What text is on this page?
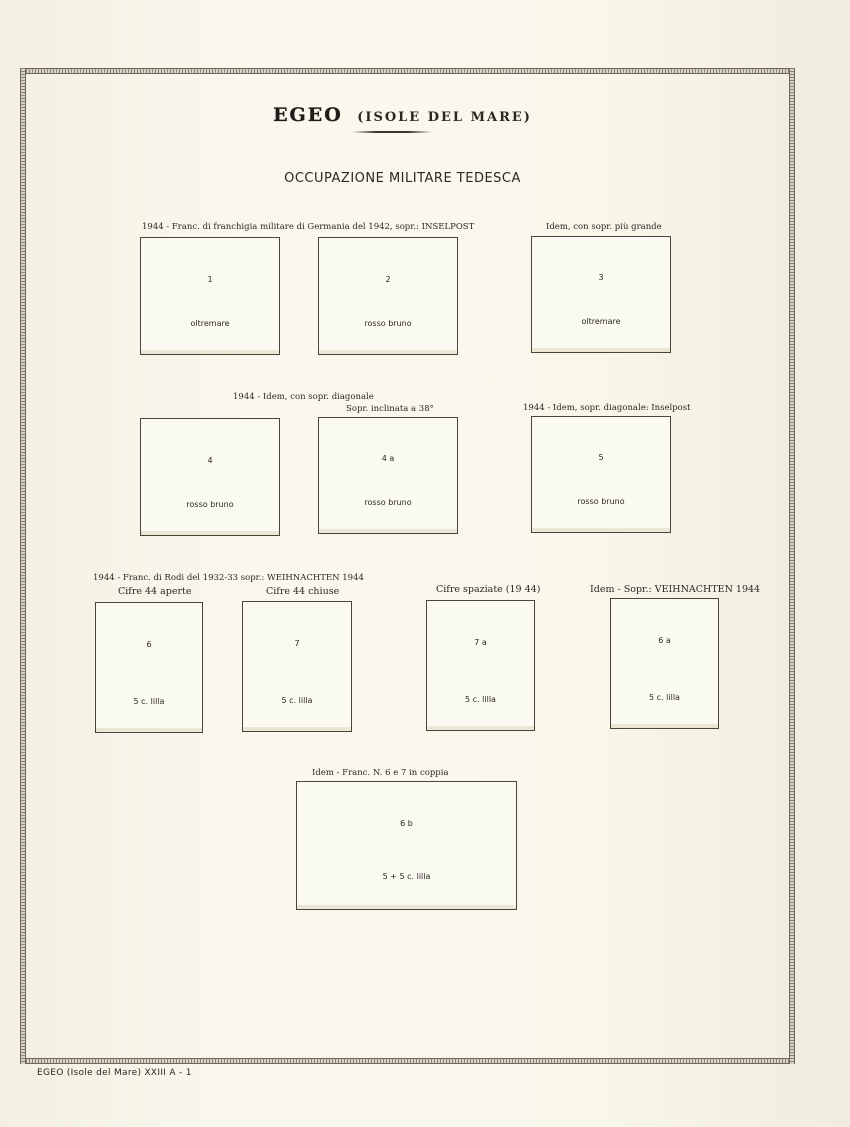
EGEO (ISOLE DEL MARE)
OCCUPAZIONE MILITARE TEDESCA
1944 - Franc. di franchigia militare di Germania del 1942, sopr.: INSELPOST	Idem, con sopr. più grande
1
oltremare
2
rosso bruno
3
oltremare
1944 - Idem, con sopr. diagonale
Sopr. inclinata a 38°	1944 - Idem, sopr. diagonale: Inselpost
4
rosso bruno
4 a
rosso bruno
5
rosso bruno
1944 - Franc. di Rodi del 1932-33 sopr.: WEIHNACHTEN 1944
Cifre 44 aperte	Cifre 44 chiuse	Cifre spaziate (19 44)	Idem - Sopr.: VEIHNACHTEN 1944
6
5 c. lilla
7
5 c. lilla
7 a
5 c. lilla
6 a
5 c. lilla
Idem - Franc. N. 6 e 7 in coppia
6 b
5 + 5 c. lilla
EGEO (Isole del Mare) XXIII A - 1
